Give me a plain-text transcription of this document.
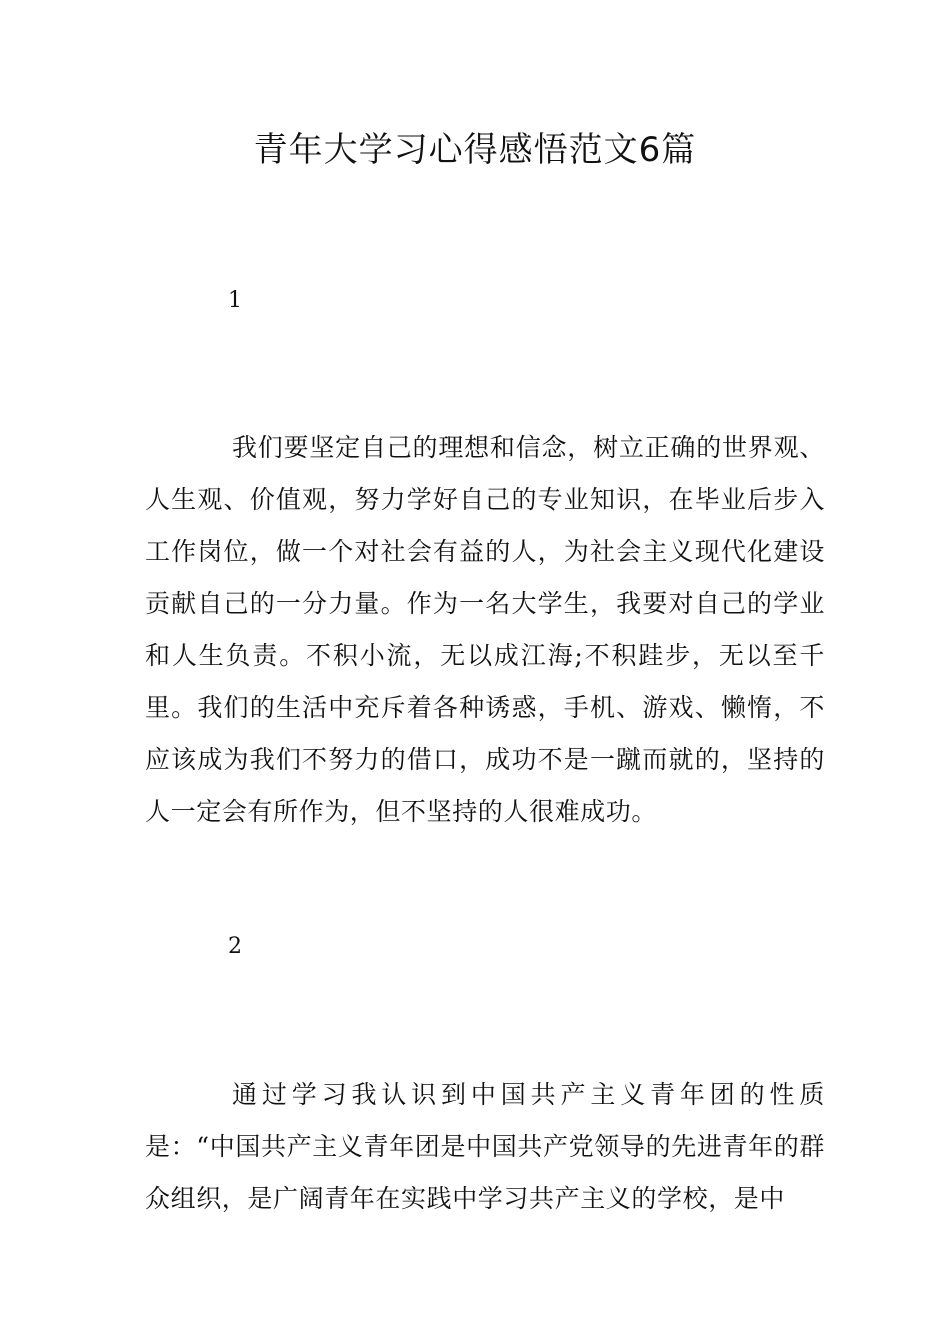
青年大学习心得感悟范文6篇
1

我们要坚定自己的理想和信念，树立正确的世界观、人生观、价值观，努力学好自己的专业知识，在毕业后步入工作岗位，做一个对社会有益的人，为社会主义现代化建设贡献自己的一分力量。作为一名大学生，我要对自己的学业和人生负责。不积小流，无以成江海;不积跬步，无以至千里。我们的生活中充斥着各种诱惑，手机、游戏、懒惰，不应该成为我们不努力的借口，成功不是一蹴而就的，坚持的人一定会有所作为，但不坚持的人很难成功。

2

通过学习我认识到中国共产主义青年团的性质是：“中国共产主义青年团是中国共产党领导的先进青年的群众组织，是广阔青年在实践中学习共产主义的学校，是中
